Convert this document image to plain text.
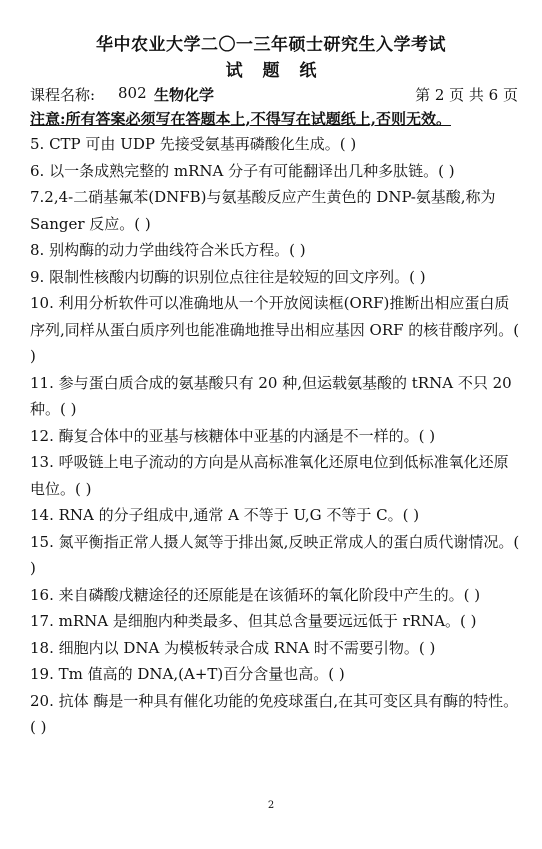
华中农业大学二〇一三年硕士研究生入学考试
试 题 纸
课程名称: 802 生物化学	第 2 页 共 6 页
注意:所有答案必须写在答题本上,不得写在试题纸上,否则无效。

5. CTP 可由 UDP 先接受氨基再磷酸化生成。( )

6. 以一条成熟完整的 mRNA 分子有可能翻译出几种多肽链。( )

7.2,4-二硝基氟苯(DNFB)与氨基酸反应产生黄色的 DNP-氨基酸,称为 Sanger 反应。( )

8. 别构酶的动力学曲线符合米氏方程。( )

9. 限制性核酸内切酶的识别位点往往是较短的回文序列。( )

10. 利用分析软件可以准确地从一个开放阅读框(ORF)推断出相应蛋白质序列,同样从蛋白质序列也能准确地推导出相应基因 ORF 的核苷酸序列。( )

11. 参与蛋白质合成的氨基酸只有 20 种,但运载氨基酸的 tRNA 不只 20 种。( )

12. 酶复合体中的亚基与核糖体中亚基的内涵是不一样的。( )

13. 呼吸链上电子流动的方向是从高标准氧化还原电位到低标准氧化还原电位。( )

14. RNA 的分子组成中,通常 A 不等于 U,G 不等于 C。( )

15. 氮平衡指正常人摄人氮等于排出氮,反映正常成人的蛋白质代谢情况。( )

16. 来自磷酸戊糖途径的还原能是在该循环的氧化阶段中产生的。( )

17. mRNA 是细胞内种类最多、但其总含量要远远低于 rRNA。( )

18. 细胞内以 DNA 为模板转录合成 RNA 时不需要引物。( )

19. Tm 值高的 DNA,(A+T)百分含量也高。( )

20. 抗体 酶是一种具有催化功能的免疫球蛋白,在其可变区具有酶的特性。( )

2
